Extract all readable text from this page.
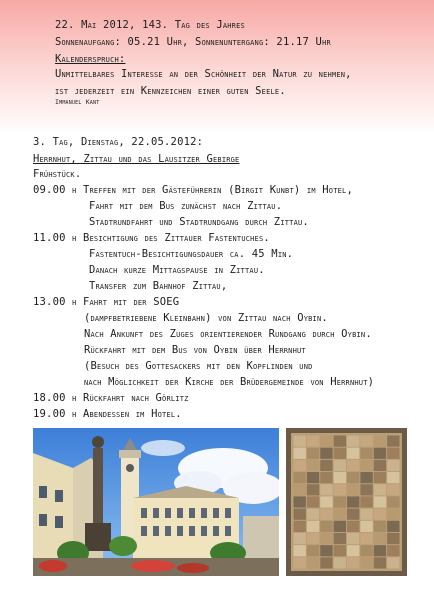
22. Mai 2012, 143. Tag des Jahres
Sonnenaufgang: 05.21 Uhr, Sonnenuntergang: 21.17 Uhr
Kalenderspruch:
Unmittelbares Interesse an der Schönheit der Natur zu nehmen,
ist jederzeit ein Kennzeichen einer guten Seele.
Immanuel Kant
3. Tag, Dienstag, 22.05.2012:
Herrnhut, Zittau und das Lausitzer Gebirge
Frühstück.
09.00 h Treffen mit der Gästeführerin (Birgit Kunbt) im Hotel,
Fahrt mit dem Bus zunächst nach Zittau.
Stadtrundfahrt und Stadtrundgang durch Zittau.
11.00 h Besichtigung des Zittauer Fastentuches.
Fastentuch-Besichtigungsdauer ca. 45 Min.
Danach kurze Mittagspause in Zittau.
Transfer zum Bahnhof Zittau,
13.00 h Fahrt mit der SOEG
(dampfbetriebene Kleinbahn) von Zittau nach Oybin.
Nach Ankunft des Zuges orientierender Rundgang durch Oybin.
Rückfahrt mit dem Bus von Oybin über Herrnhut
(Besuch des Gottesackers mit den Kopflinden und
nach Möglichkeit der Kirche der Brüdergemeinde von Herrnhut)
18.00 h Rückfahrt nach Görlitz
19.00 h Abendessen im Hotel.
